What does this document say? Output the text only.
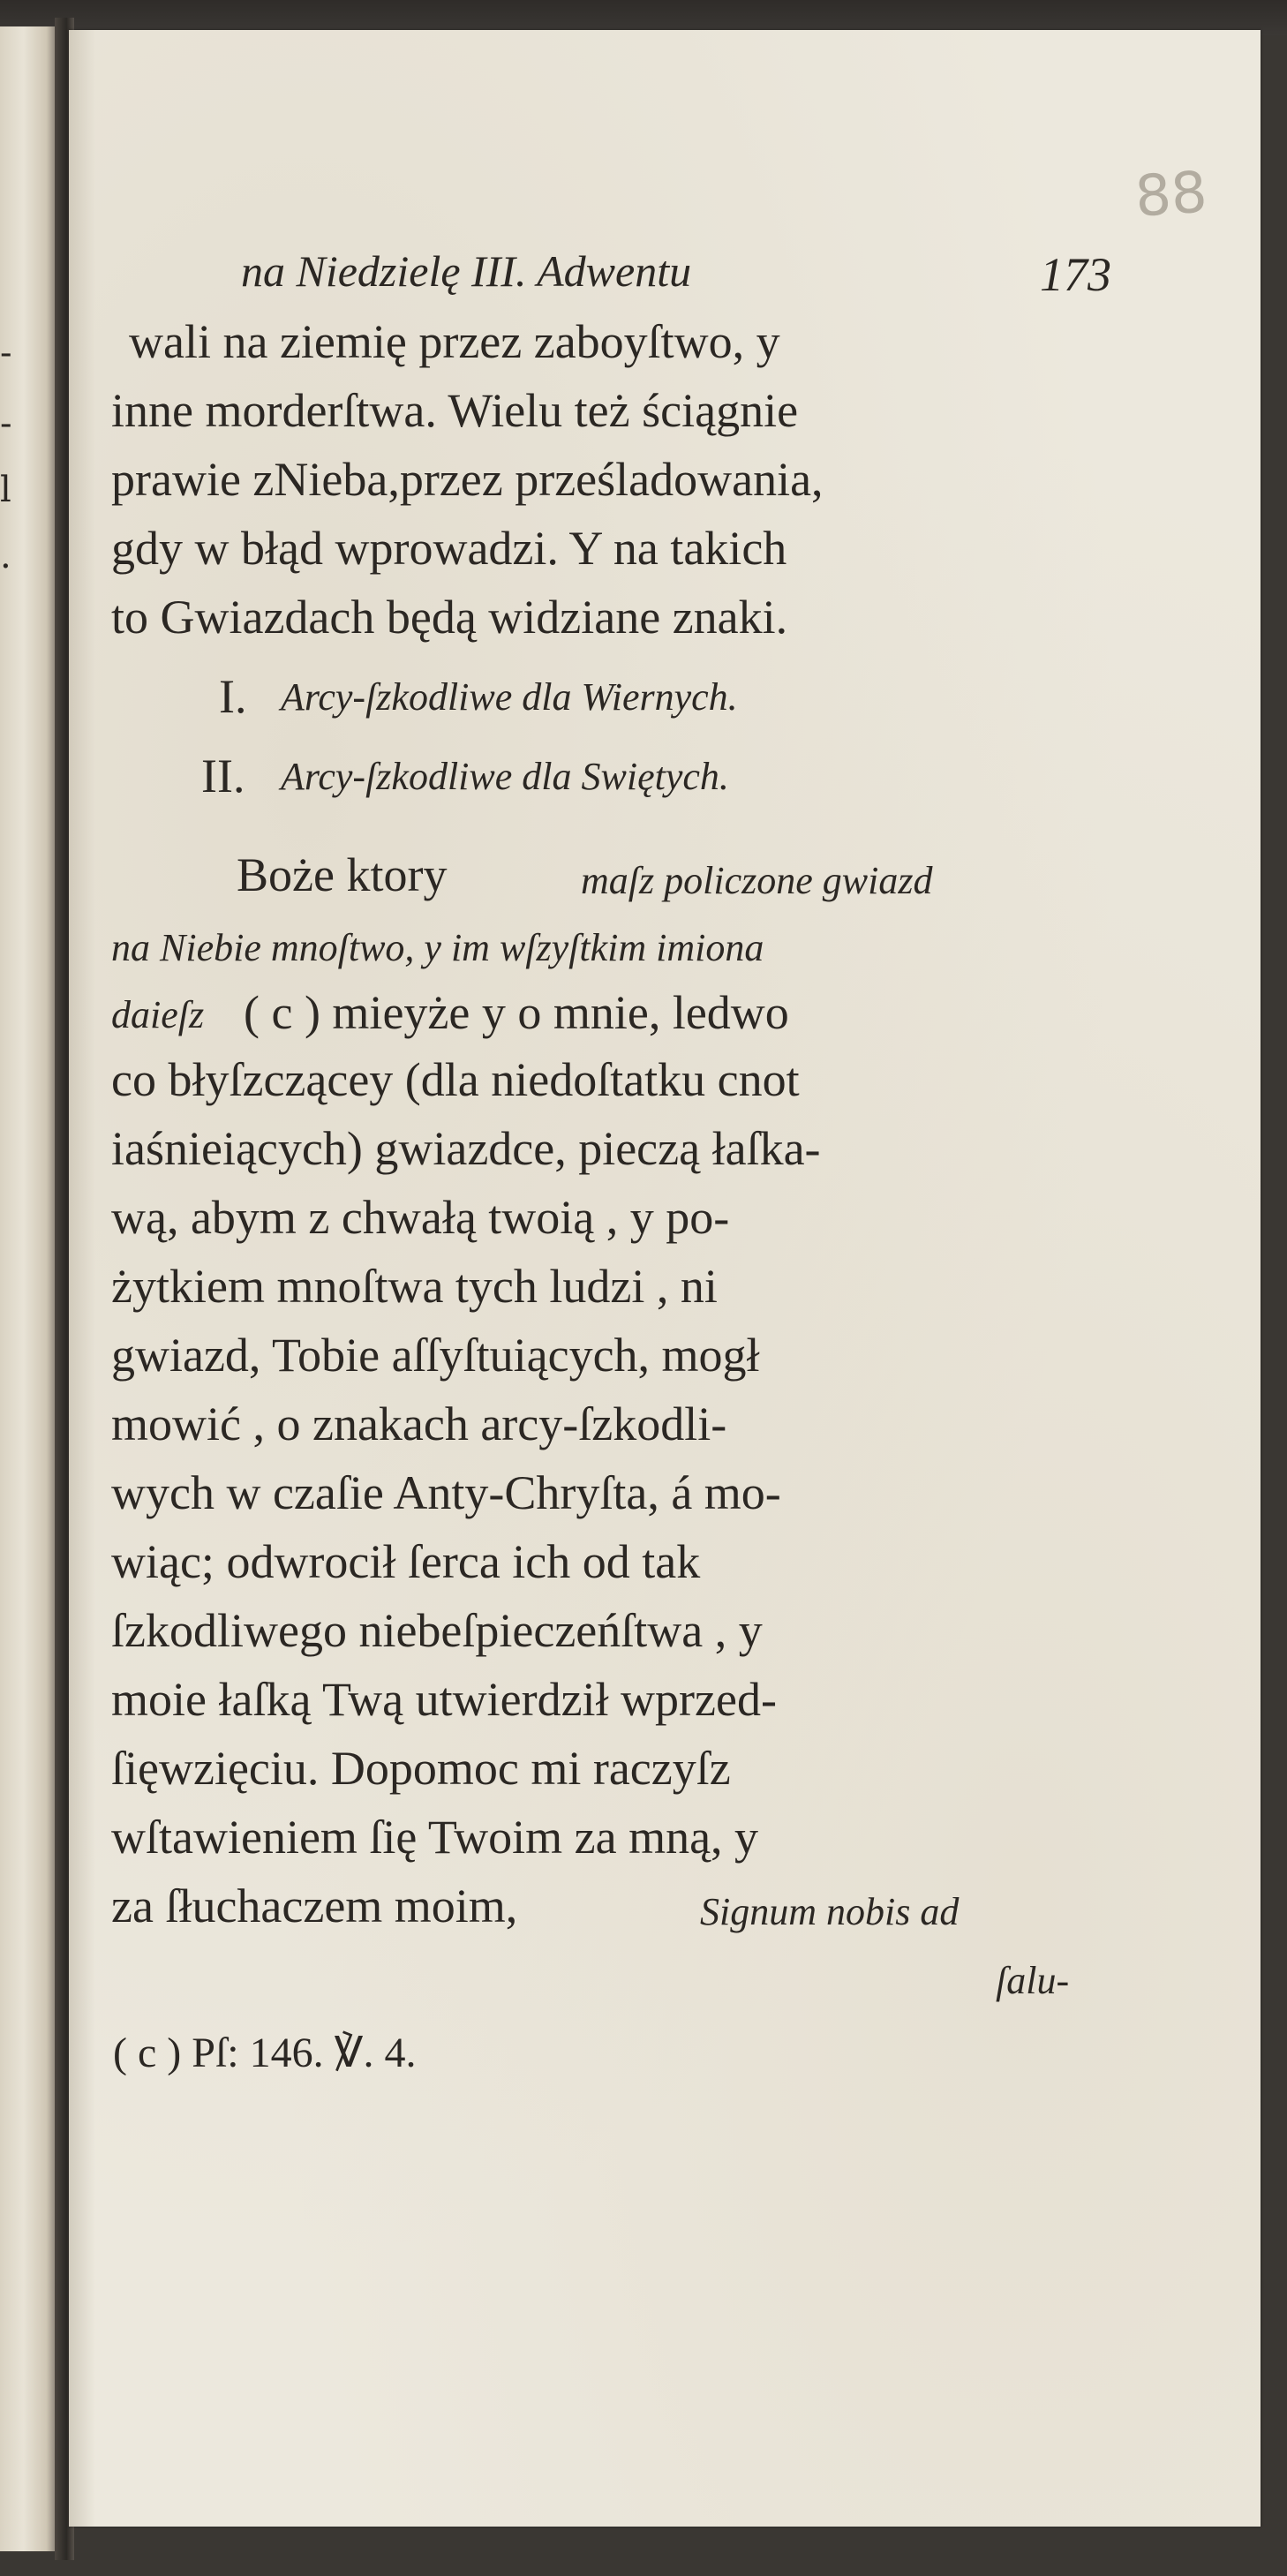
-
-
l
.
88
na Niedzielę III. Adwentu	173
wali na ziemię przez zaboyſtwo, y
inne morderſtwa. Wielu też ściągnie
prawie zNieba,przez prześladowania,
gdy w błąd wprowadzi. Y na takich
to Gwiazdach będą widziane znaki.
I. Arcy-ſzkodliwe dla Wiernych.
II. Arcy-ſzkodliwe dla Swiętych.
Boże ktory	maſz policzone gwiazd
na Niebie mnoſtwo, y im wſzyſtkim imiona
daieſz ( c ) mieyże y o mnie, ledwo
co błyſzczącey (dla niedoſtatku cnot
iaśnieiących) gwiazdce, pieczą łaſka-
wą, abym z chwałą twoią , y po-
żytkiem mnoſtwa tych ludzi , ni
gwiazd, Tobie aſſyſtuiących, mogł
mowić , o znakach arcy-ſzkodli-
wych w czaſie Anty-Chryſta, á mo-
wiąc; odwrocił ſerca ich od tak
ſzkodliwego niebeſpieczeńſtwa , y
moie łaſką Twą utwierdził wprzed-
ſięwzięciu. Dopomoc mi raczyſz
wſtawieniem ſię Twoim za mną, y
za ſłuchaczem moim,	Signum nobis ad
ſalu-
( c ) Pſ: 146. ℣. 4.
